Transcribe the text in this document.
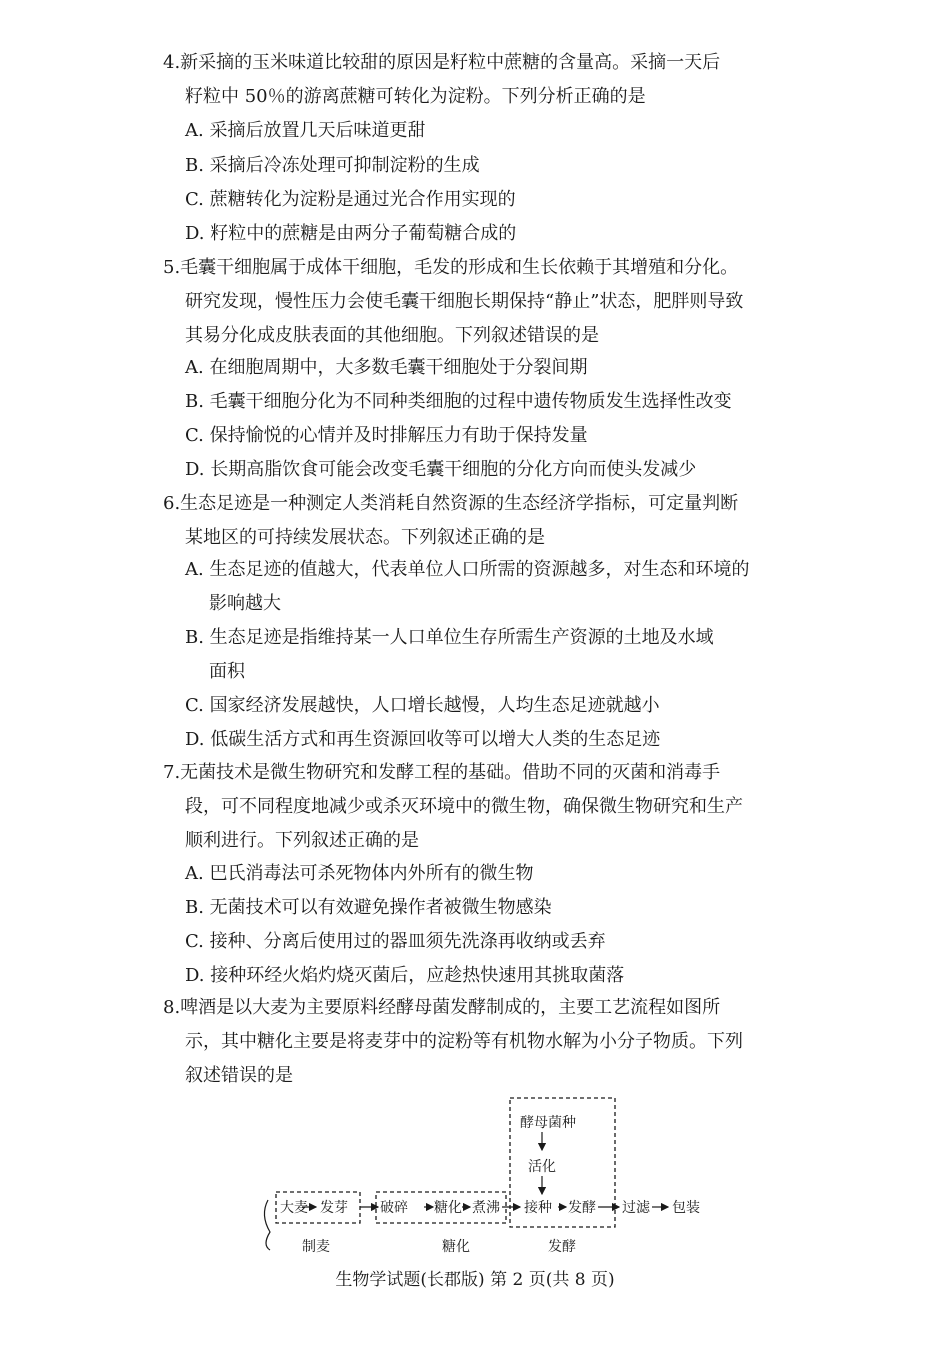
4.新采摘的玉米味道比较甜的原因是籽粒中蔗糖的含量高。采摘一天后
籽粒中 50％的游离蔗糖可转化为淀粉。下列分析正确的是
A. 采摘后放置几天后味道更甜
B. 采摘后冷冻处理可抑制淀粉的生成
C. 蔗糖转化为淀粉是通过光合作用实现的
D. 籽粒中的蔗糖是由两分子葡萄糖合成的
5.毛囊干细胞属于成体干细胞，毛发的形成和生长依赖于其增殖和分化。
研究发现，慢性压力会使毛囊干细胞长期保持“静止”状态，肥胖则导致
其易分化成皮肤表面的其他细胞。下列叙述错误的是
A. 在细胞周期中，大多数毛囊干细胞处于分裂间期
B. 毛囊干细胞分化为不同种类细胞的过程中遗传物质发生选择性改变
C. 保持愉悦的心情并及时排解压力有助于保持发量
D. 长期高脂饮食可能会改变毛囊干细胞的分化方向而使头发减少
6.生态足迹是一种测定人类消耗自然资源的生态经济学指标，可定量判断
某地区的可持续发展状态。下列叙述正确的是
A. 生态足迹的值越大，代表单位人口所需的资源越多，对生态和环境的
影响越大
B. 生态足迹是指维持某一人口单位生存所需生产资源的土地及水域
面积
C. 国家经济发展越快，人口增长越慢，人均生态足迹就越小
D. 低碳生活方式和再生资源回收等可以增大人类的生态足迹
7.无菌技术是微生物研究和发酵工程的基础。借助不同的灭菌和消毒手
段，可不同程度地减少或杀灭环境中的微生物，确保微生物研究和生产
顺利进行。下列叙述正确的是
A. 巴氏消毒法可杀死物体内外所有的微生物
B. 无菌技术可以有效避免操作者被微生物感染
C. 接种、分离后使用过的器皿须先洗涤再收纳或丢弃
D. 接种环经火焰灼烧灭菌后，应趁热快速用其挑取菌落
8.啤酒是以大麦为主要原料经酵母菌发酵制成的，主要工艺流程如图所
示，其中糖化主要是将麦芽中的淀粉等有机物水解为小分子物质。下列
叙述错误的是
酵母菌种
活化
大麦 发芽 破碎 糖化 煮沸 接种 发酵 过滤 包装
制麦	糖化	发酵
生物学试题(长郡版) 第 2 页(共 8 页)
